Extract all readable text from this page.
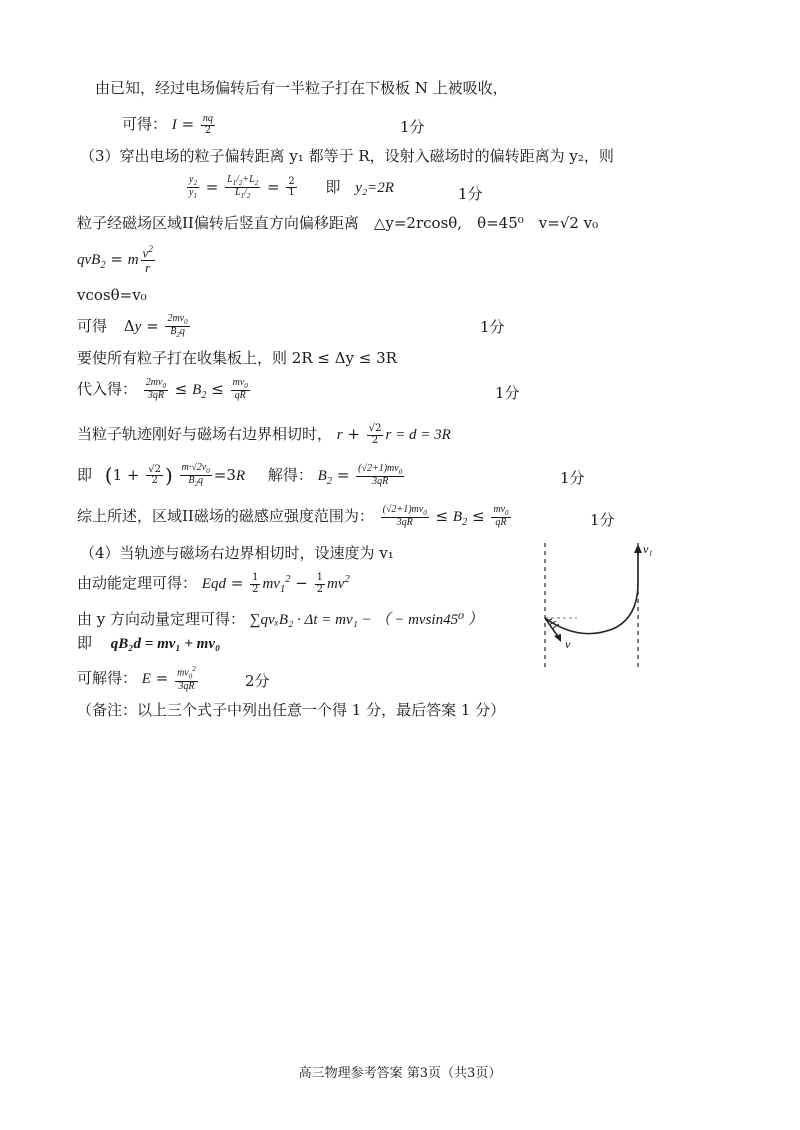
由已知，经过电场偏转后有一半粒子打在下极板 N 上被吸收，
可得： $I = \frac{nq}{2}$	1分
（3）穿出电场的粒子偏转距离 y₁ 都等于 R，设射入磁场时的偏转距离为 y₂，则
$\frac{y_2}{y_1} = \frac{L_1/_2+L_2}{L_1/_2} = \frac{2}{1}$ 即 y₂=2R	1分
粒子经磁场区域II偏转后竖直方向偏移距离　△y=2rcosθ,　θ=45⁰　v=√2 v₀
qvB$_2$ = m $\frac{v^2}{r}$
vcosθ=v₀
可得 $\Delta y = \frac{2mv_0}{B_2q}$	1分
要使所有粒子打在收集板上，则 2R ≤ Δy ≤ 3R
代入得： $\frac{2mv_0}{3qR} \le B_2 \le \frac{mv_0}{qR}$	1分
当粒子轨迹刚好与磁场右边界相切时， $r + \frac{√2}{2}$ r = d = 3R
即 ($1 + \frac{√2}{2}$ ) $\frac{m\cdot√2v_0}{B_2q} =3R$ 解得： $B_2 = \frac{(√2+1)mv_0}{3qR}$	1分
综上所述，区域II磁场的磁感应强度范围为： $\frac{(√2+1)mv_0}{3qR} \le B_2 \le \frac{mv_0}{qR}$	1分
（4）当轨迹与磁场右边界相切时，设速度为 v₁
由动能定理可得： Eqd = $\frac{1}{2} mv_1^2 - \frac{1}{2} mv^2$
由 y 方向动量定理可得： ∑qvₓB₂ · Δt = mv₁ − （ − mvsin45⁰ ）
即 qB₂d = mv₁ + mv₀
可解得： $E = \frac{mv_0^2}{3qR}$	2分
（备注：以上三个式子中列出任意一个得 1 分，最后答案 1 分）
v₁
v
高三物理参考答案 第3页（共3页）
